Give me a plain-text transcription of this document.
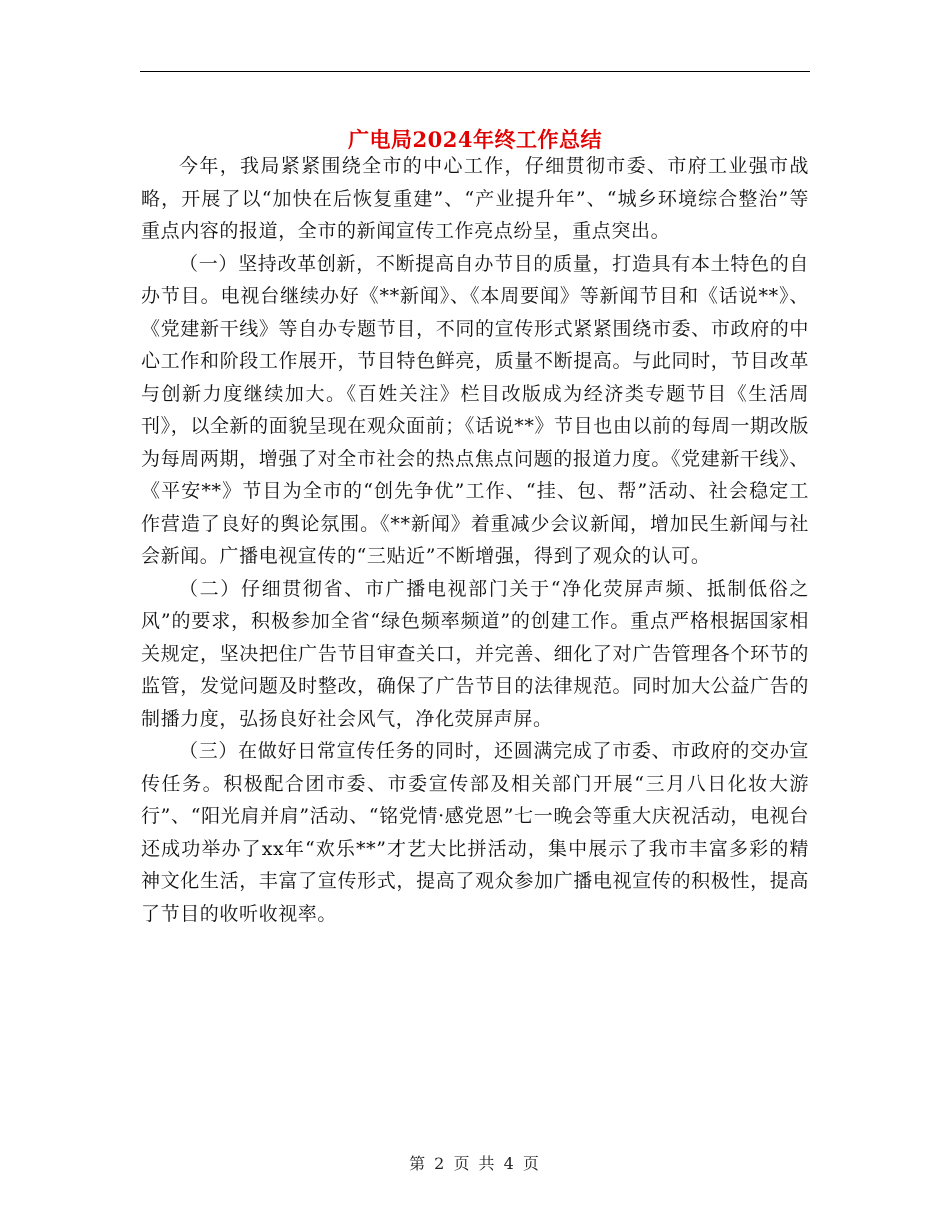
广电局2024年终工作总结

今年，我局紧紧围绕全市的中心工作，仔细贯彻市委、市府工业强市战略，开展了以“加快在后恢复重建”、“产业提升年”、“城乡环境综合整治”等重点内容的报道，全市的新闻宣传工作亮点纷呈，重点突出。

（一）坚持改革创新，不断提高自办节目的质量，打造具有本土特色的自办节目。电视台继续办好《**新闻》、《本周要闻》等新闻节目和《话说**》、《党建新干线》等自办专题节目，不同的宣传形式紧紧围绕市委、市政府的中心工作和阶段工作展开，节目特色鲜亮，质量不断提高。与此同时，节目改革与创新力度继续加大。《百姓关注》栏目改版成为经济类专题节目《生活周刊》，以全新的面貌呈现在观众面前；《话说**》节目也由以前的每周一期改版为每周两期，增强了对全市社会的热点焦点问题的报道力度。《党建新干线》、《平安**》节目为全市的“创先争优”工作、“挂、包、帮”活动、社会稳定工作营造了良好的舆论氛围。《**新闻》着重减少会议新闻，增加民生新闻与社会新闻。广播电视宣传的“三贴近”不断增强，得到了观众的认可。

（二）仔细贯彻省、市广播电视部门关于“净化荧屏声频、抵制低俗之风”的要求，积极参加全省“绿色频率频道”的创建工作。重点严格根据国家相关规定，坚决把住广告节目审查关口，并完善、细化了对广告管理各个环节的监管，发觉问题及时整改，确保了广告节目的法律规范。同时加大公益广告的制播力度，弘扬良好社会风气，净化荧屏声屏。

（三）在做好日常宣传任务的同时，还圆满完成了市委、市政府的交办宣传任务。积极配合团市委、市委宣传部及相关部门开展“三月八日化妆大游行”、“阳光肩并肩”活动、“铭党情·感党恩”七一晚会等重大庆祝活动，电视台还成功举办了xx年“欢乐**”才艺大比拼活动，集中展示了我市丰富多彩的精神文化生活，丰富了宣传形式，提高了观众参加广播电视宣传的积极性，提高了节目的收听收视率。

第 2 页 共 4 页
